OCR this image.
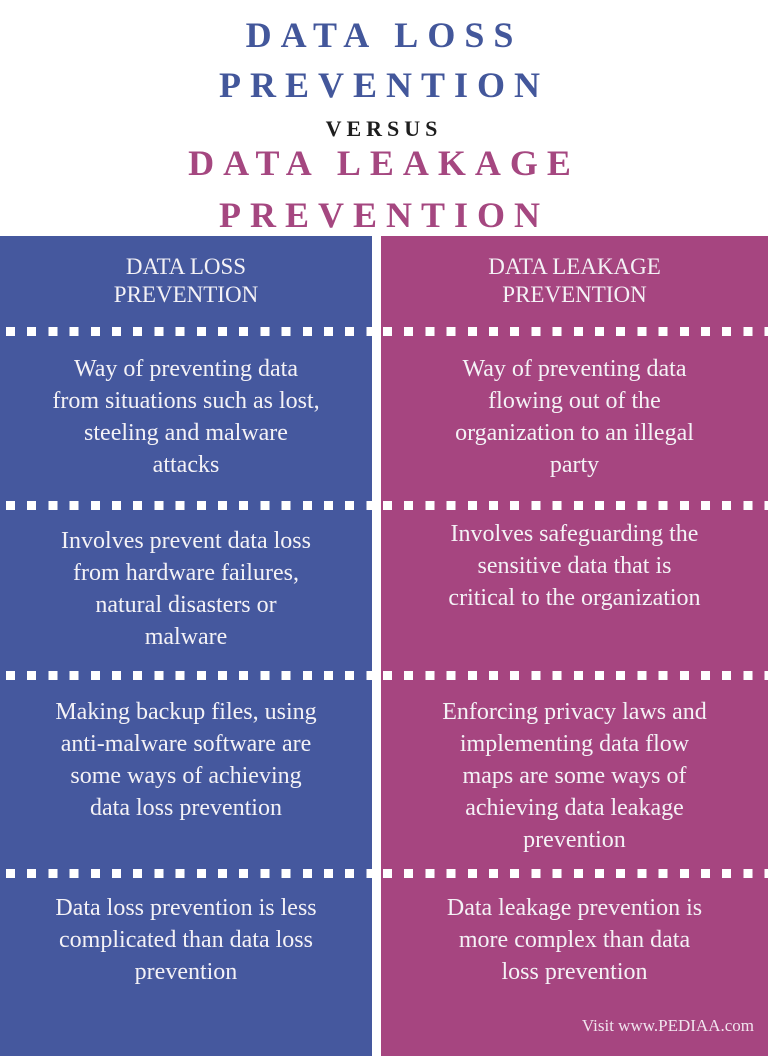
DATA LOSS
PREVENTION
VERSUS
DATA LEAKAGE
PREVENTION
DATA LOSS
PREVENTION
Way of preventing data
from situations such as lost,
steeling and malware
attacks
Involves prevent data loss
from hardware failures,
natural disasters or
malware
Making backup files, using
anti-malware software are
some ways of achieving
data loss prevention
Data loss prevention is less
complicated than data loss
prevention
DATA LEAKAGE
PREVENTION
Way of preventing data
flowing out of the
organization to an illegal
party
Involves safeguarding the
sensitive data that is
critical to the organization
Enforcing privacy laws and
implementing data flow
maps are some ways of
achieving data leakage
prevention
Data leakage prevention is
more complex than data
loss prevention
Visit www.PEDIAA.com
